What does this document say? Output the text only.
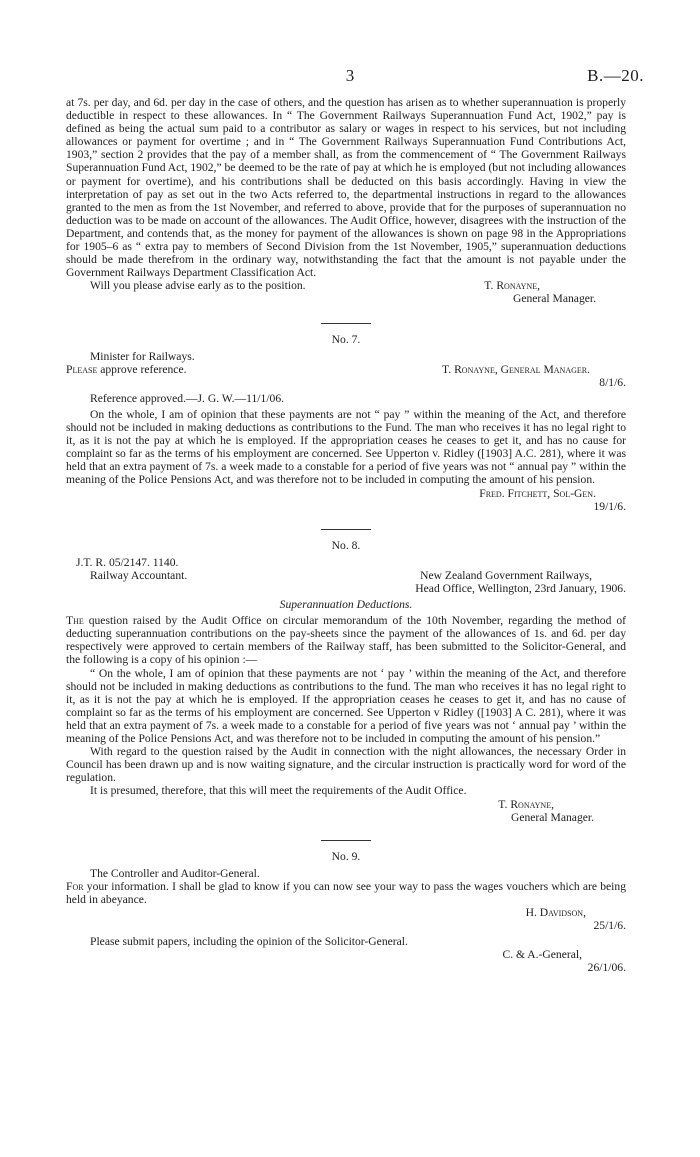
3	B.—20.

at 7s. per day, and 6d. per day in the case of others, and the question has arisen as to whether superannuation is properly deductible in respect to these allowances. In “ The Government Railways Superannuation Fund Act, 1902,” pay is defined as being the actual sum paid to a contributor as salary or wages in respect to his services, but not including allowances or payment for overtime ; and in “ The Government Railways Superannuation Fund Contributions Act, 1903,” section 2 provides that the pay of a member shall, as from the commencement of “ The Government Railways Superannuation Fund Act, 1902,” be deemed to be the rate of pay at which he is employed (but not including allowances or payment for overtime), and his contributions shall be deducted on this basis accordingly. Having in view the interpretation of pay as set out in the two Acts referred to, the departmental instructions in regard to the allowances granted to the men as from the 1st November, and referred to above, provide that for the purposes of superannuation no deduction was to be made on account of the allowances. The Audit Office, however, disagrees with the instruction of the Department, and contends that, as the money for payment of the allowances is shown on page 98 in the Appropriations for 1905–6 as “ extra pay to members of Second Division from the 1st November, 1905,” superannuation deductions should be made therefrom in the ordinary way, notwithstanding the fact that the amount is not payable under the Government Railways Department Classification Act.

Will you please advise early as to the position.	T. Ronayne,

General Manager.

No. 7.

Minister for Railways.

Please approve reference.	T. Ronayne, General Manager.

8/1/6.

Reference approved.—J. G. W.—11/1/06.

On the whole, I am of opinion that these payments are not “ pay ” within the meaning of the Act, and therefore should not be included in making deductions as contributions to the Fund. The man who receives it has no legal right to it, as it is not the pay at which he is employed. If the appropriation ceases he ceases to get it, and has no cause for complaint so far as the terms of his employment are concerned. See Upperton v. Ridley ([1903] A.C. 281), where it was held that an extra payment of 7s. a week made to a constable for a period of five years was not “ annual pay ” within the meaning of the Police Pensions Act, and was therefore not to be included in computing the amount of his pension.

Fred. Fitchett, Sol-Gen.

19/1/6.

No. 8.

J.T. R. 05/2147. 1140.

Railway Accountant.	New Zealand Government Railways,

Head Office, Wellington, 23rd January, 1906.

Superannuation Deductions.

The question raised by the Audit Office on circular memorandum of the 10th November, regarding the method of deducting superannuation contributions on the pay-sheets since the payment of the allowances of 1s. and 6d. per day respectively were approved to certain members of the Railway staff, has been submitted to the Solicitor-General, and the following is a copy of his opinion :—

“ On the whole, I am of opinion that these payments are not ‘ pay ’ within the meaning of the Act, and therefore should not be included in making deductions as contributions to the fund. The man who receives it has no legal right to it, as it is not the pay at which he is employed. If the appropriation ceases he ceases to get it, and has no cause of complaint so far as the terms of his employment are concerned. See Upperton v Ridley ([1903] A C. 281), where it was held that an extra payment of 7s. a week made to a constable for a period of five years was not ‘ annual pay ’ within the meaning of the Police Pensions Act, and was therefore not to be included in computing the amount of his pension.”

With regard to the question raised by the Audit in connection with the night allowances, the necessary Order in Council has been drawn up and is now waiting signature, and the circular instruction is practically word for word of the regulation.

It is presumed, therefore, that this will meet the requirements of the Audit Office.

T. Ronayne,

General Manager.

No. 9.

The Controller and Auditor-General.

For your information. I shall be glad to know if you can now see your way to pass the wages vouchers which are being held in abeyance.

H. Davidson,

25/1/6.

Please submit papers, including the opinion of the Solicitor-General.

C. & A.-General,

26/1/06.
